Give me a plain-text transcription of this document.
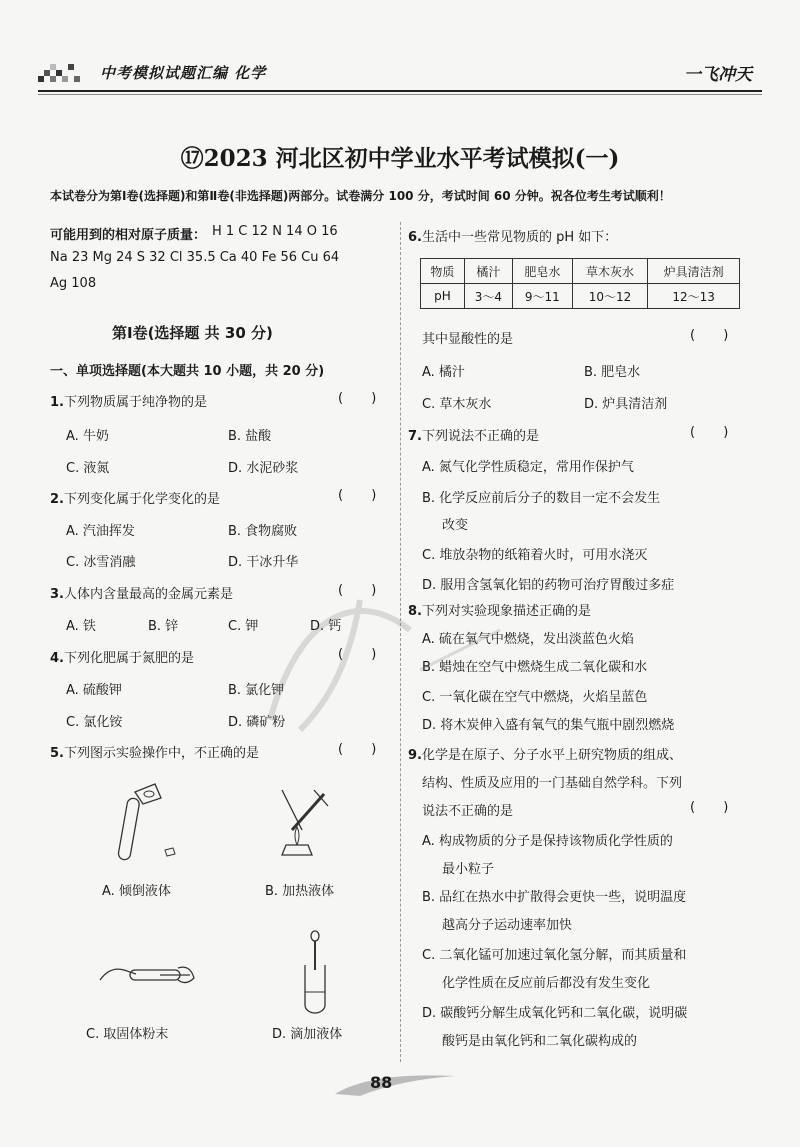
中考模拟试题汇编 化学	一飞冲天
⑰2023 河北区初中学业水平考试模拟(一)
本试卷分为第Ⅰ卷(选择题)和第Ⅱ卷(非选择题)两部分。试卷满分 100 分，考试时间 60 分钟。祝各位考生考试顺利！
可能用到的相对原子质量： H 1 C 12 N 14 O 16
Na 23 Mg 24 S 32 Cl 35.5 Ca 40 Fe 56 Cu 64
Ag 108
第Ⅰ卷(选择题 共 30 分)
一、单项选择题(本大题共 10 小题，共 20 分)
1.下列物质属于纯净物的是	( )
A. 牛奶	B. 盐酸
C. 液氮	D. 水泥砂浆
2.下列变化属于化学变化的是	( )
A. 汽油挥发	B. 食物腐败
C. 冰雪消融	D. 干冰升华
3.人体内含量最高的金属元素是	( )
A. 铁	B. 锌	C. 钾	D. 钙
4.下列化肥属于氮肥的是	( )
A. 硫酸钾	B. 氯化钾
C. 氯化铵	D. 磷矿粉
5.下列图示实验操作中，不正确的是	( )
A. 倾倒液体	B. 加热液体
C. 取固体粉末	D. 滴加液体
6.生活中一些常见物质的 pH 如下：
物质	橘汁	肥皂水	草木灰水	炉具清洁剂
pH	3～4	9～11	10～12	12～13
其中显酸性的是	( )
A. 橘汁	B. 肥皂水
C. 草木灰水	D. 炉具清洁剂
7.下列说法不正确的是	( )
A. 氮气化学性质稳定，常用作保护气
B. 化学反应前后分子的数目一定不会发生
改变
C. 堆放杂物的纸箱着火时，可用水浇灭
D. 服用含氢氧化铝的药物可治疗胃酸过多症
8.下列对实验现象描述正确的是
A. 硫在氧气中燃烧，发出淡蓝色火焰
B. 蜡烛在空气中燃烧生成二氧化碳和水
C. 一氧化碳在空气中燃烧，火焰呈蓝色
D. 将木炭伸入盛有氧气的集气瓶中剧烈燃烧
9.化学是在原子、分子水平上研究物质的组成、
结构、性质及应用的一门基础自然学科。下列
说法不正确的是	( )
A. 构成物质的分子是保持该物质化学性质的
最小粒子
B. 品红在热水中扩散得会更快一些，说明温度
越高分子运动速率加快
C. 二氧化锰可加速过氧化氢分解，而其质量和
化学性质在反应前后都没有发生变化
D. 碳酸钙分解生成氧化钙和二氧化碳，说明碳
酸钙是由氧化钙和二氧化碳构成的
88
